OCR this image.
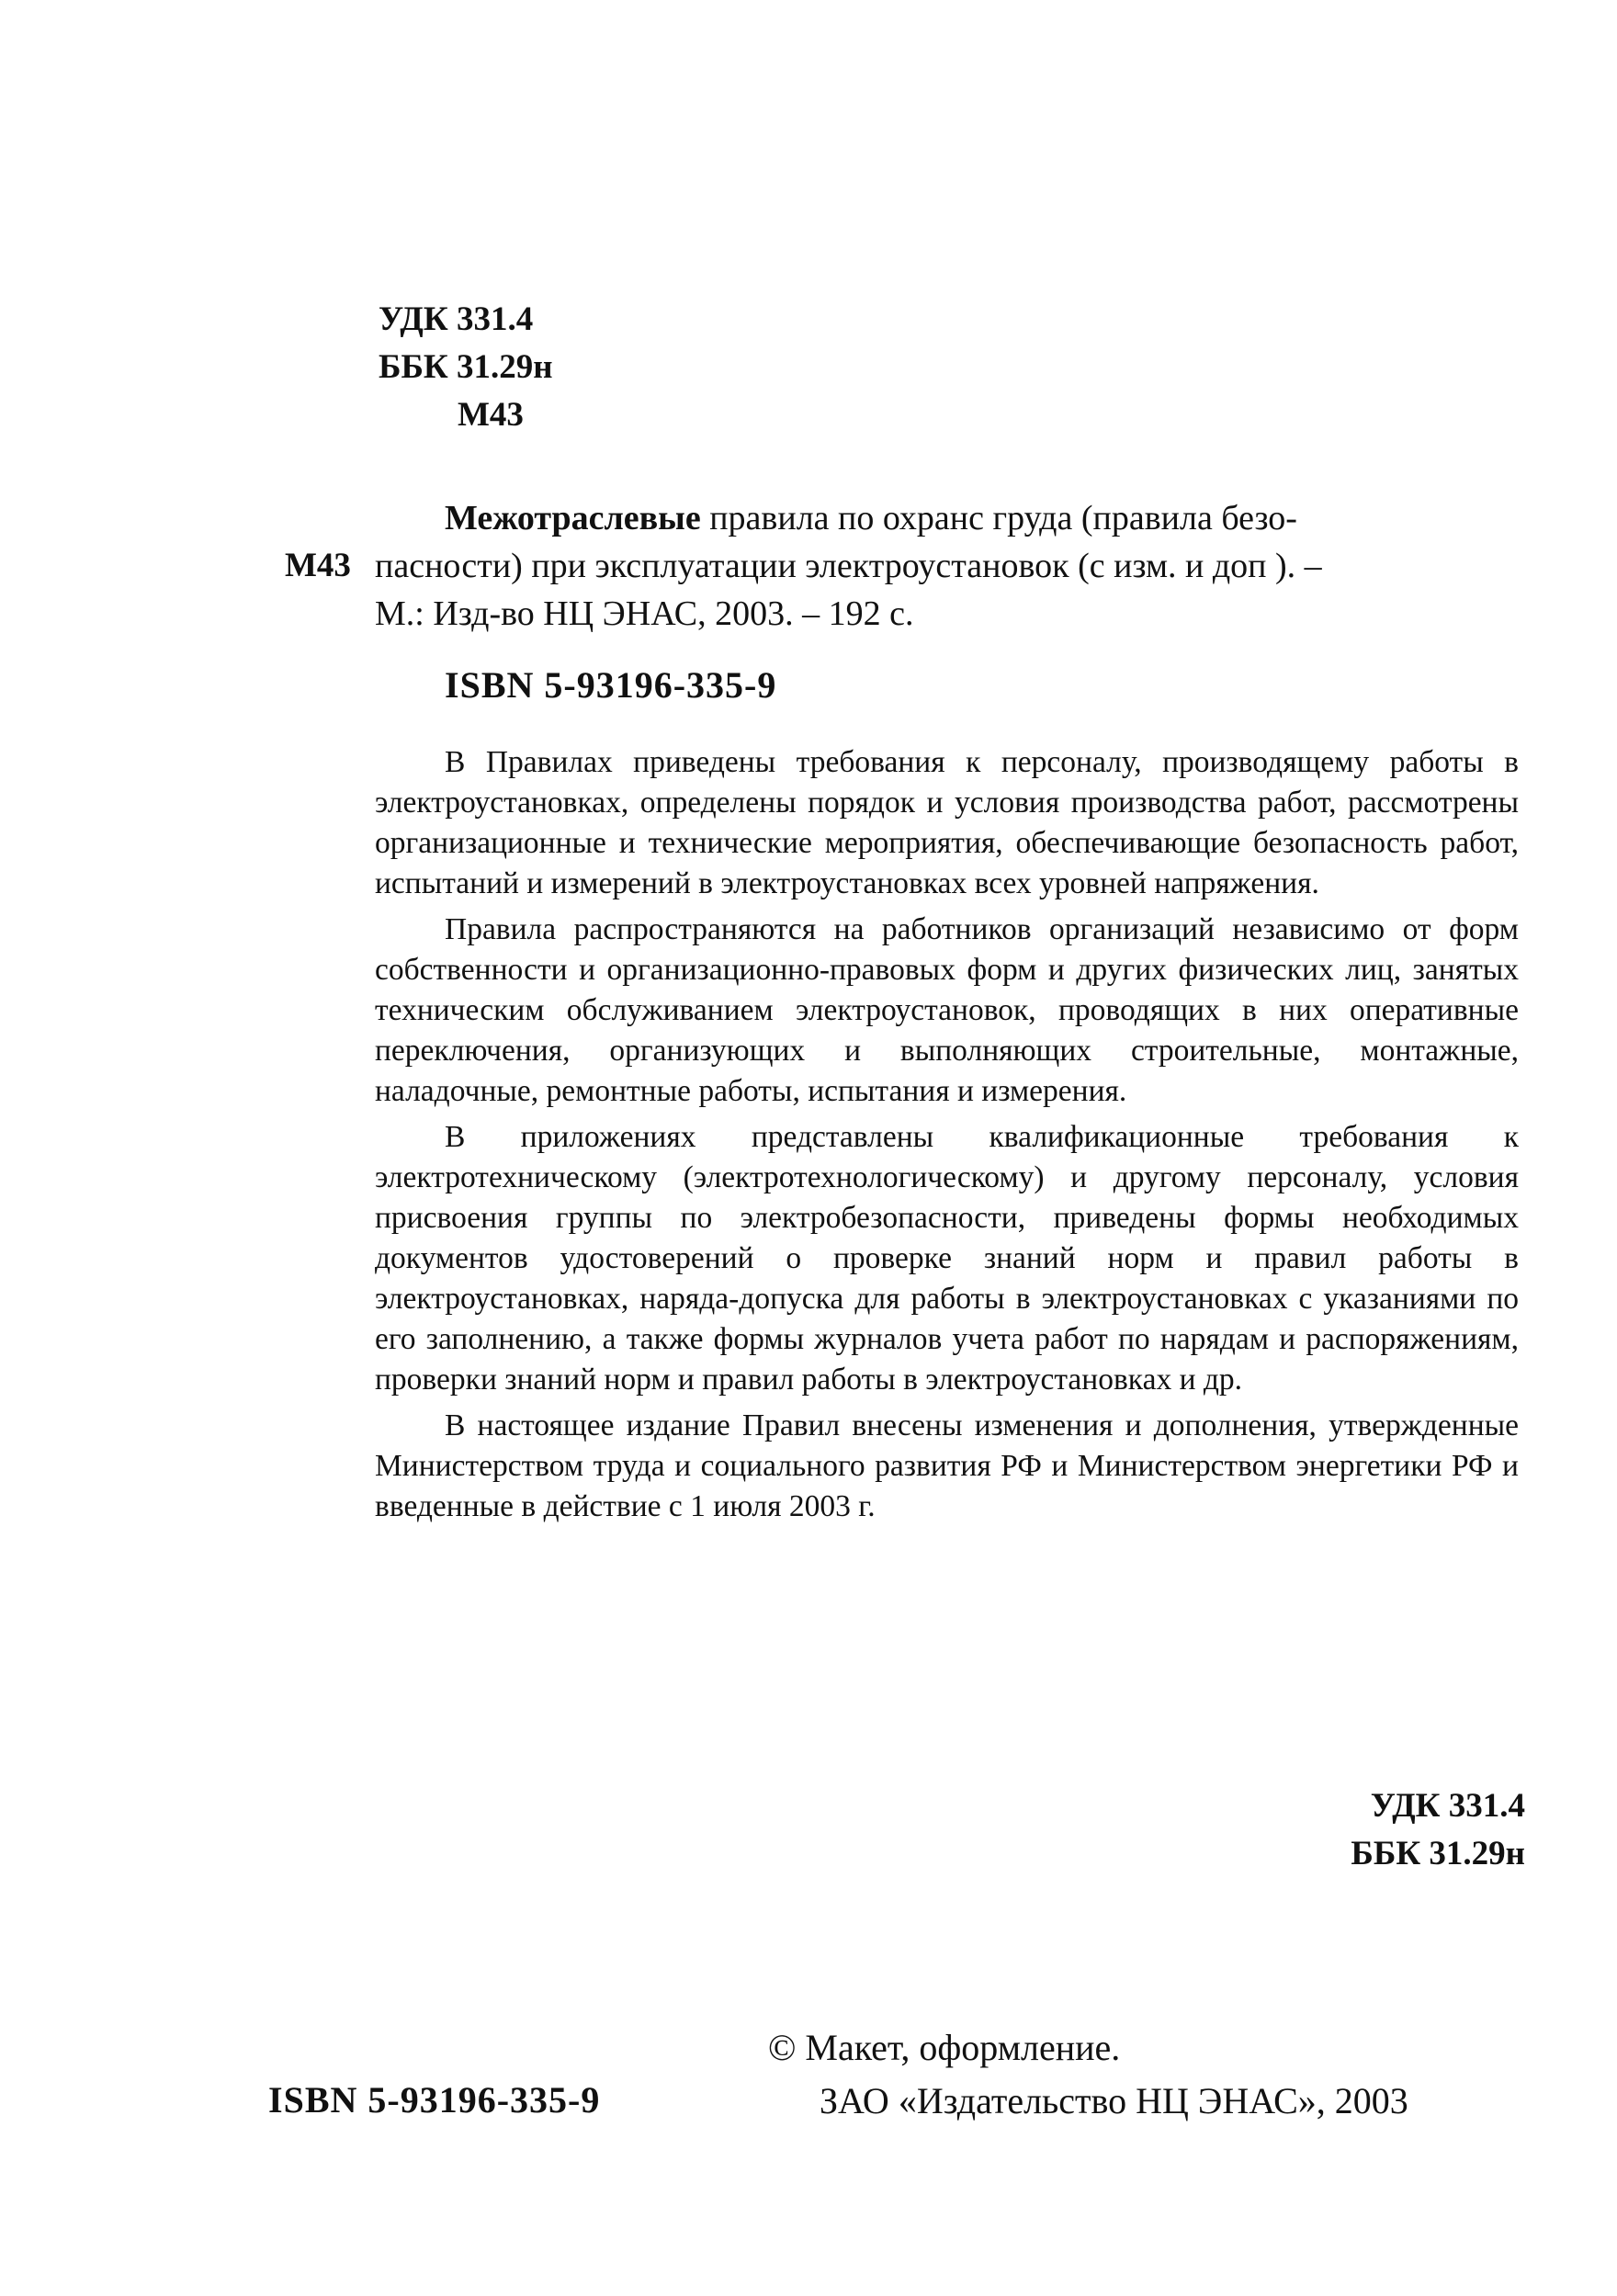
УДК 331.4
ББК 31.29н
М43
М43
Межотраслевые правила по охранс груда (правила безо-
пасности) при эксплуатации электроустановок (с изм. и доп ). –
М.: Изд-во НЦ ЭНАС, 2003. – 192 с.
ISBN 5-93196-335-9

В Правилах приведены требования к персоналу, производящему работы в электроустановках, определены порядок и условия производства работ, рассмотрены организационные и технические мероприятия, обеспечивающие безопасность работ, испытаний и измерений в электроустановках всех уровней напряжения.

Правила распространяются на работников организаций независимо от форм собственности и организационно-правовых форм и других физических лиц, занятых техническим обслуживанием электроустановок, проводящих в них оперативные переключения, организующих и выполняющих строительные, монтажные, наладочные, ремонтные работы, испытания и измерения.

В приложениях представлены квалификационные требования к электротехническому (электротехнологическому) и другому персоналу, условия присвоения группы по электробезопасности, приведены формы необходимых документов удостоверений о проверке знаний норм и правил работы в электроустановках, наряда-допуска для работы в электроустановках с указаниями по его заполнению, а также формы журналов учета работ по нарядам и распоряжениям, проверки знаний норм и правил работы в электроустановках и др.

В настоящее издание Правил внесены изменения и дополнения, утвержденные Министерством труда и социального развития РФ и Министерством энергетики РФ и введенные в действие с 1 июля 2003 г.

УДК 331.4
ББК 31.29н
ISBN 5-93196-335-9
© Макет, оформление.
ЗАО «Издательство НЦ ЭНАС», 2003
